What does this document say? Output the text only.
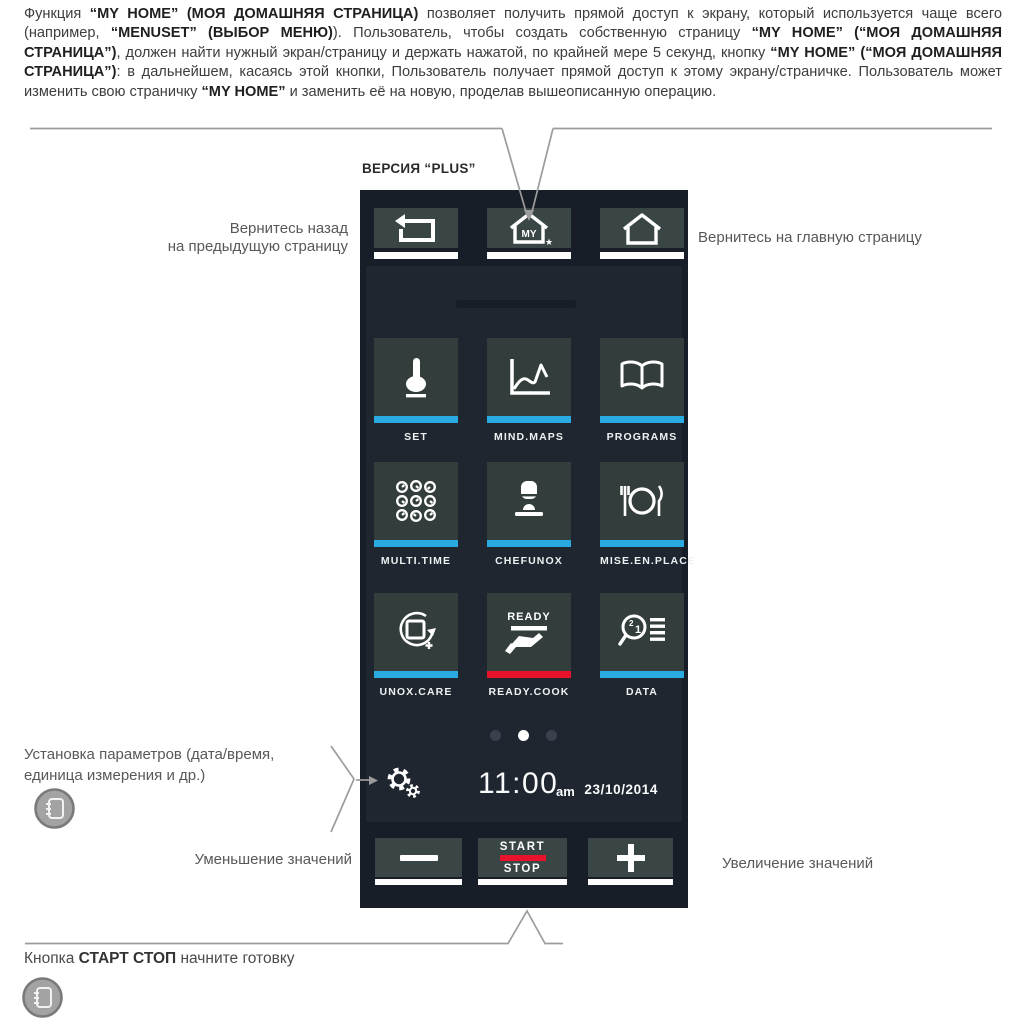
Функция “MY HOME” (МОЯ ДОМАШНЯЯ СТРАНИЦА) позволяет получить прямой доступ к экрану, который используется чаще всего (например, “MENUSET” (ВЫБОР МЕНЮ)). Пользователь, чтобы создать собственную страницу “MY HOME” (“МОЯ ДОМАШНЯЯ СТРАНИЦА”), должен найти нужный экран/страницу и держать нажатой, по крайней мере 5 секунд, кнопку “MY HOME” (“МОЯ ДОМАШНЯЯ СТРАНИЦА”): в дальнейшем, касаясь этой кнопки, Пользователь получает прямой доступ к этому экрану/страничке. Пользователь может изменить свою страничку “MY HOME” и заменить её на новую, проделав вышеописанную операцию.

ВЕРСИЯ “PLUS”
Вернитесь назад
на предыдущую страницу
Вернитесь на главную страницу
Установка параметров (дата/время,
единица измерения и др.)
Уменьшение значений	Увеличение значений
Кнопка СТАРТ СТОП начните готовку
MY
★
SET	MIND.MAPS	PROGRAMS
MULTI.TIME	CHEFUNOX	MISE.EN.PLACE
UNOX.CARE
READY
READY.COOK
2
1
DATA
11:00
am 23/10/2014
START
STOP
